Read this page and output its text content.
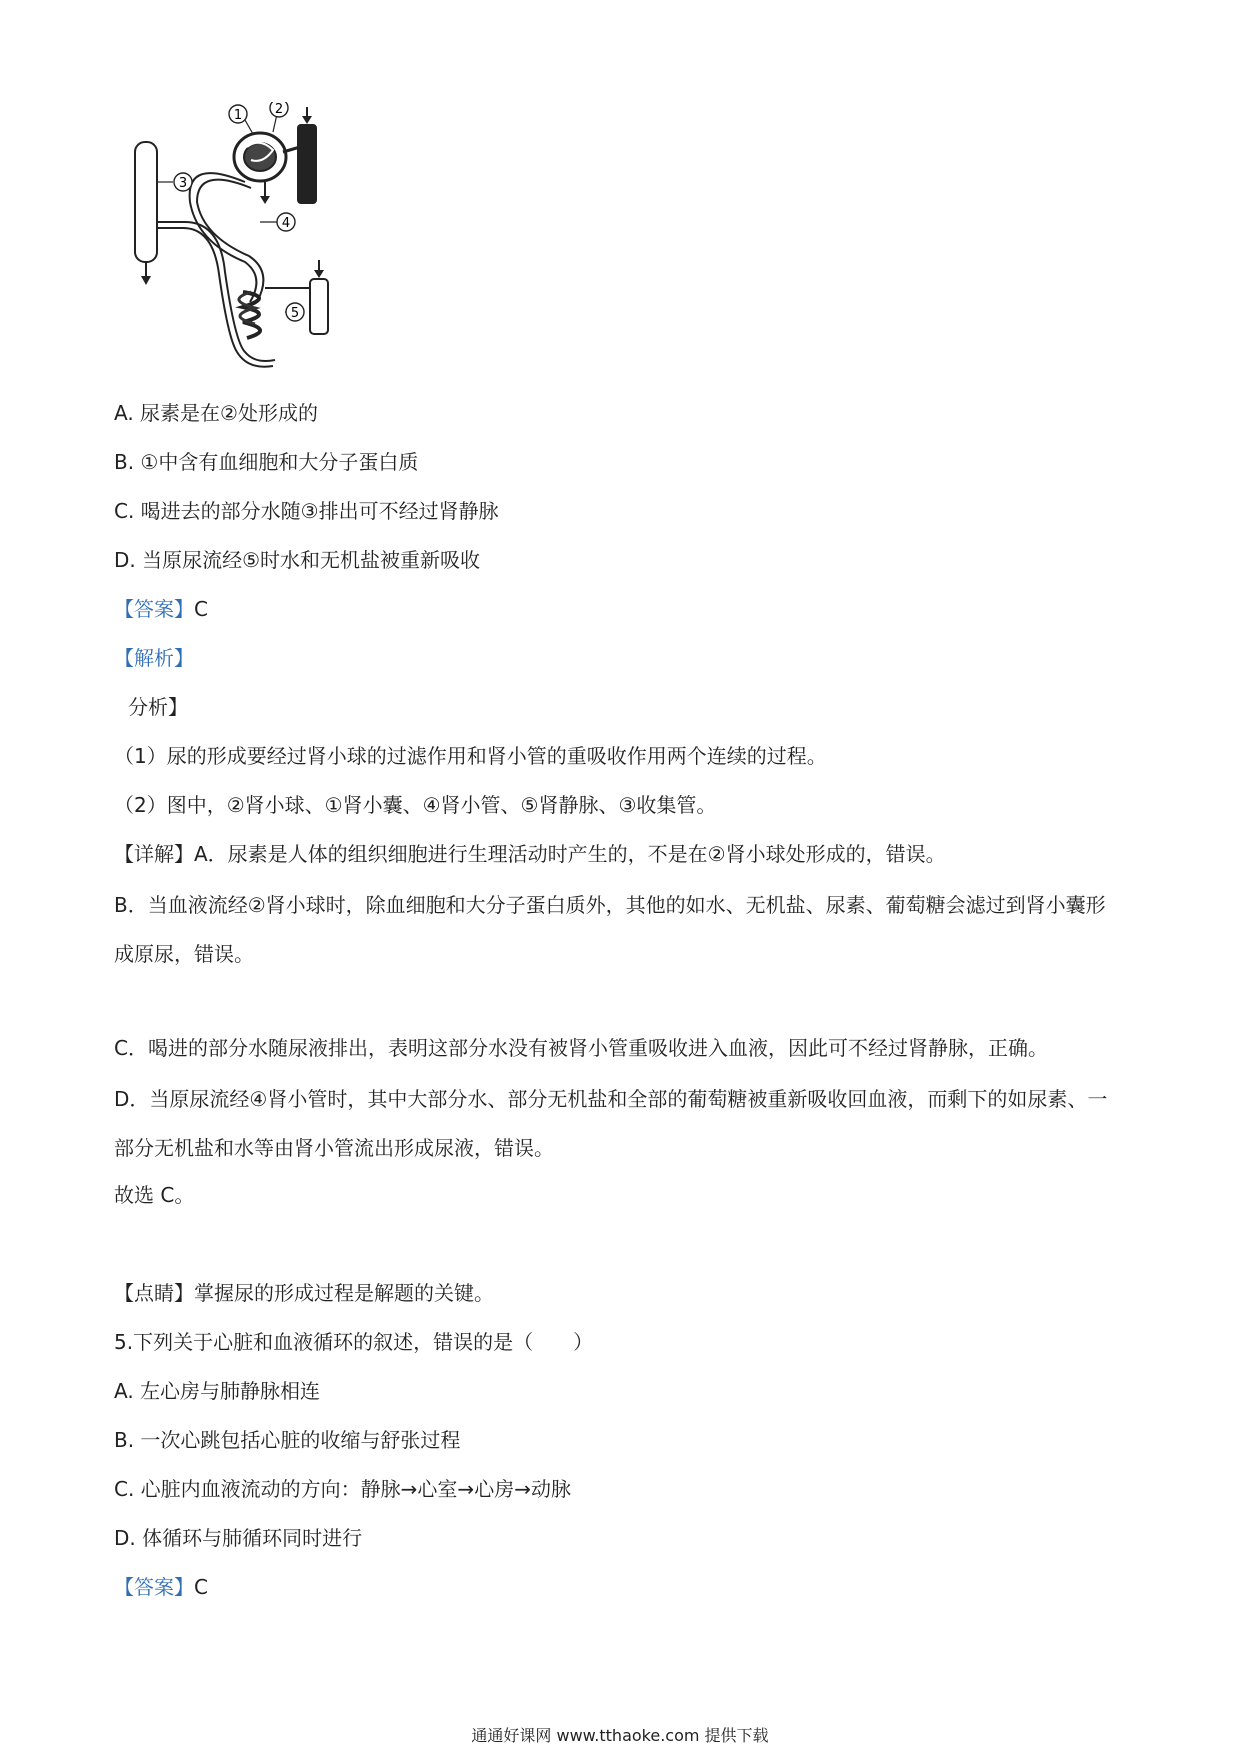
1	2
3
4
5
A. 尿素是在②处形成的
B. ①中含有血细胞和大分子蛋白质
C. 喝进去的部分水随③排出可不经过肾静脉
D. 当原尿流经⑤时水和无机盐被重新吸收
【答案】C
【解析】
分析】
（1）尿的形成要经过肾小球的过滤作用和肾小管的重吸收作用两个连续的过程。
（2）图中，②肾小球、①肾小囊、④肾小管、⑤肾静脉、③收集管。
【详解】A．尿素是人体的组织细胞进行生理活动时产生的，不是在②肾小球处形成的，错误。
B．当血液流经②肾小球时，除血细胞和大分子蛋白质外，其他的如水、无机盐、尿素、葡萄糖会滤过到肾小囊形成原尿，错误。
C．喝进的部分水随尿液排出，表明这部分水没有被肾小管重吸收进入血液，因此可不经过肾静脉，正确。
D．当原尿流经④肾小管时，其中大部分水、部分无机盐和全部的葡萄糖被重新吸收回血液，而剩下的如尿素、一部分无机盐和水等由肾小管流出形成尿液，错误。
故选 C。
【点睛】掌握尿的形成过程是解题的关键。
5.下列关于心脏和血液循环的叙述，错误的是（　　）
A. 左心房与肺静脉相连
B. 一次心跳包括心脏的收缩与舒张过程
C. 心脏内血液流动的方向：静脉→心室→心房→动脉
D. 体循环与肺循环同时进行
【答案】C
通通好课网 www.tthaoke.com 提供下载
